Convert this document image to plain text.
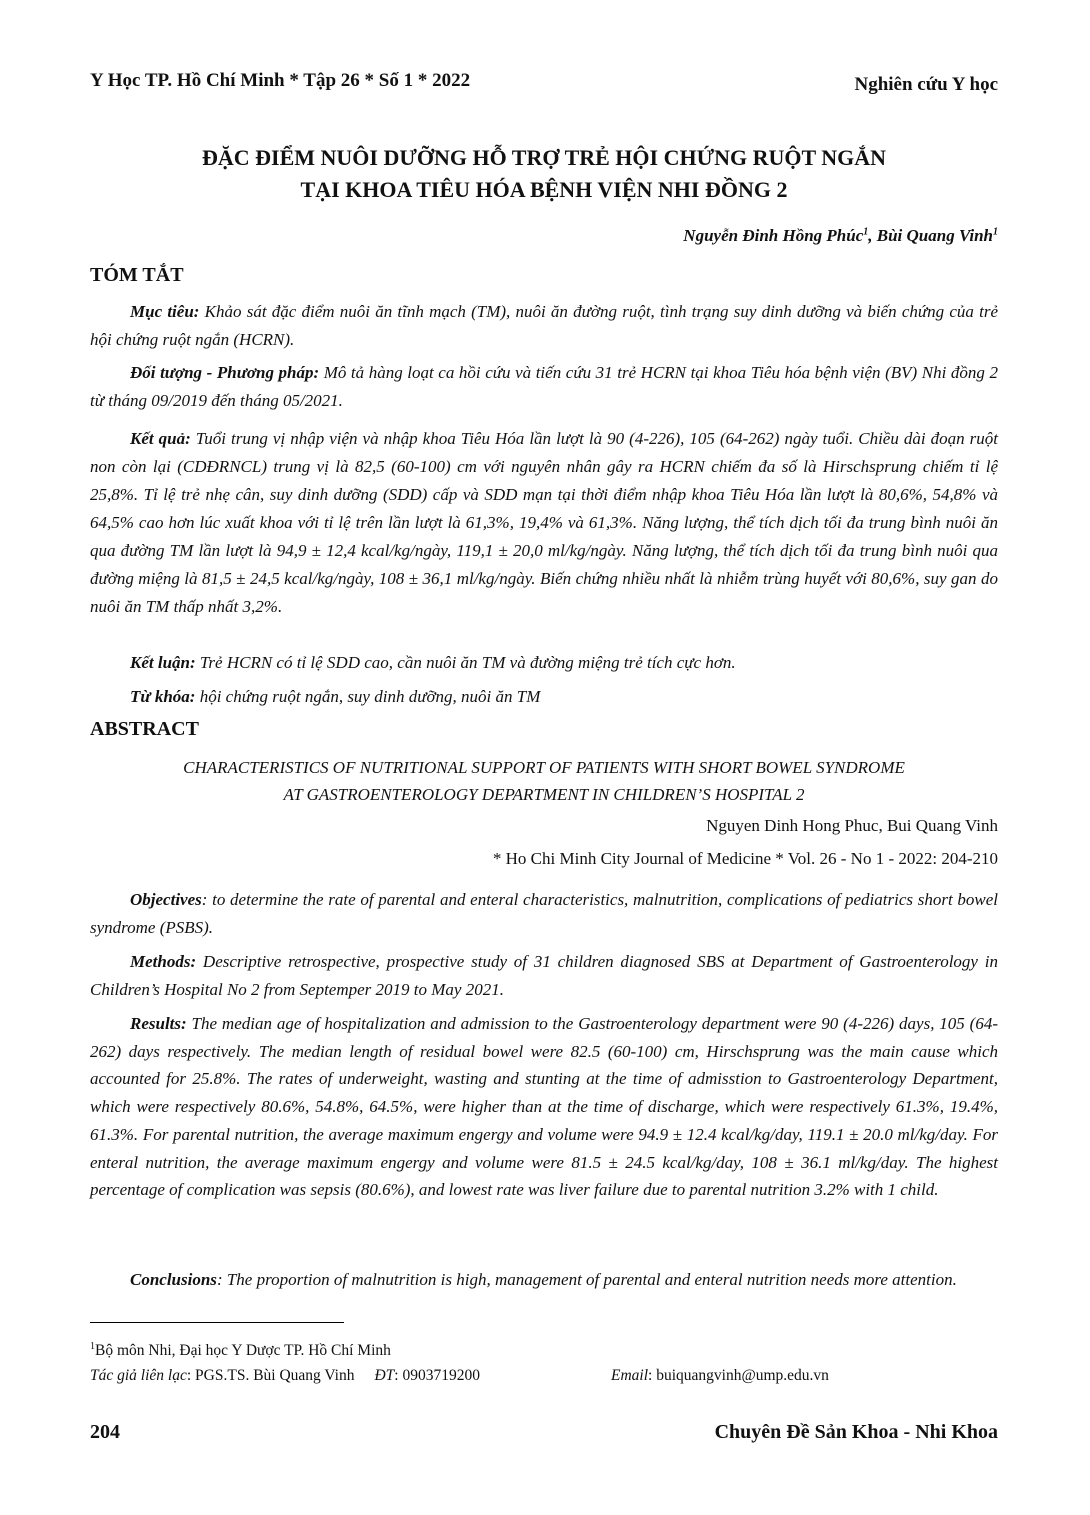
Y Học TP. Hồ Chí Minh * Tập 26 * Số 1 * 2022	Nghiên cứu Y học
ĐẶC ĐIỂM NUÔI DƯỠNG HỖ TRỢ TRẺ HỘI CHỨNG RUỘT NGẮN
TẠI KHOA TIÊU HÓA BỆNH VIỆN NHI ĐỒNG 2
Nguyễn Đinh Hồng Phúc$^1$, Bùi Quang Vinh$^1$
TÓM TẮT

Mục tiêu: Khảo sát đặc điểm nuôi ăn tĩnh mạch (TM), nuôi ăn đường ruột, tình trạng suy dinh dưỡng và biến chứng của trẻ hội chứng ruột ngắn (HCRN).

Đối tượng - Phương pháp: Mô tả hàng loạt ca hồi cứu và tiến cứu 31 trẻ HCRN tại khoa Tiêu hóa bệnh viện (BV) Nhi đồng 2 từ tháng 09/2019 đến tháng 05/2021.

Kết quả: Tuổi trung vị nhập viện và nhập khoa Tiêu Hóa lần lượt là 90 (4-226), 105 (64-262) ngày tuổi. Chiều dài đoạn ruột non còn lại (CDĐRNCL) trung vị là 82,5 (60-100) cm với nguyên nhân gây ra HCRN chiếm đa số là Hirschsprung chiếm tỉ lệ 25,8%. Tỉ lệ trẻ nhẹ cân, suy dinh dưỡng (SDD) cấp và SDD mạn tại thời điểm nhập khoa Tiêu Hóa lần lượt là 80,6%, 54,8% và 64,5% cao hơn lúc xuất khoa với tỉ lệ trên lần lượt là 61,3%, 19,4% và 61,3%. Năng lượng, thể tích dịch tối đa trung bình nuôi ăn qua đường TM lần lượt là 94,9 ± 12,4 kcal/kg/ngày, 119,1 ± 20,0 ml/kg/ngày. Năng lượng, thể tích dịch tối đa trung bình nuôi qua đường miệng là 81,5 ± 24,5 kcal/kg/ngày, 108 ± 36,1 ml/kg/ngày. Biến chứng nhiều nhất là nhiễm trùng huyết với 80,6%, suy gan do nuôi ăn TM thấp nhất 3,2%.

Kết luận: Trẻ HCRN có tỉ lệ SDD cao, cần nuôi ăn TM và đường miệng trẻ tích cực hơn.

Từ khóa: hội chứng ruột ngắn, suy dinh dưỡng, nuôi ăn TM

ABSTRACT
CHARACTERISTICS OF NUTRITIONAL SUPPORT OF PATIENTS WITH SHORT BOWEL SYNDROME
AT GASTROENTEROLOGY DEPARTMENT IN CHILDREN’S HOSPITAL 2
Nguyen Dinh Hong Phuc, Bui Quang Vinh
* Ho Chi Minh City Journal of Medicine * Vol. 26 - No 1 - 2022: 204-210

Objectives: to determine the rate of parental and enteral characteristics, malnutrition, complications of pediatrics short bowel syndrome (PSBS).

Methods: Descriptive retrospective, prospective study of 31 children diagnosed SBS at Department of Gastroenterology in Children’s Hospital No 2 from Septemper 2019 to May 2021.

Results: The median age of hospitalization and admission to the Gastroenterology department were 90 (4-226) days, 105 (64-262) days respectively. The median length of residual bowel were 82.5 (60-100) cm, Hirschsprung was the main cause which accounted for 25.8%. The rates of underweight, wasting and stunting at the time of admisstion to Gastroenterology Department, which were respectively 80.6%, 54.8%, 64.5%, were higher than at the time of discharge, which were respectively 61.3%, 19.4%, 61.3%. For parental nutrition, the average maximum engergy and volume were 94.9 ± 12.4 kcal/kg/day, 119.1 ± 20.0 ml/kg/day. For enteral nutrition, the average maximum engergy and volume were 81.5 ± 24.5 kcal/kg/day, 108 ± 36.1 ml/kg/day. The highest percentage of complication was sepsis (80.6%), and lowest rate was liver failure due to parental nutrition 3.2% with 1 child.

Conclusions: The proportion of malnutrition is high, management of parental and enteral nutrition needs more attention.

$^1$Bộ môn Nhi, Đại học Y Dược TP. Hồ Chí Minh
Tác giả liên lạc: PGS.TS. Bùi Quang Vinh ĐT: 0903719200	Email: buiquangvinh@ump.edu.vn
204	Chuyên Đề Sản Khoa - Nhi Khoa
